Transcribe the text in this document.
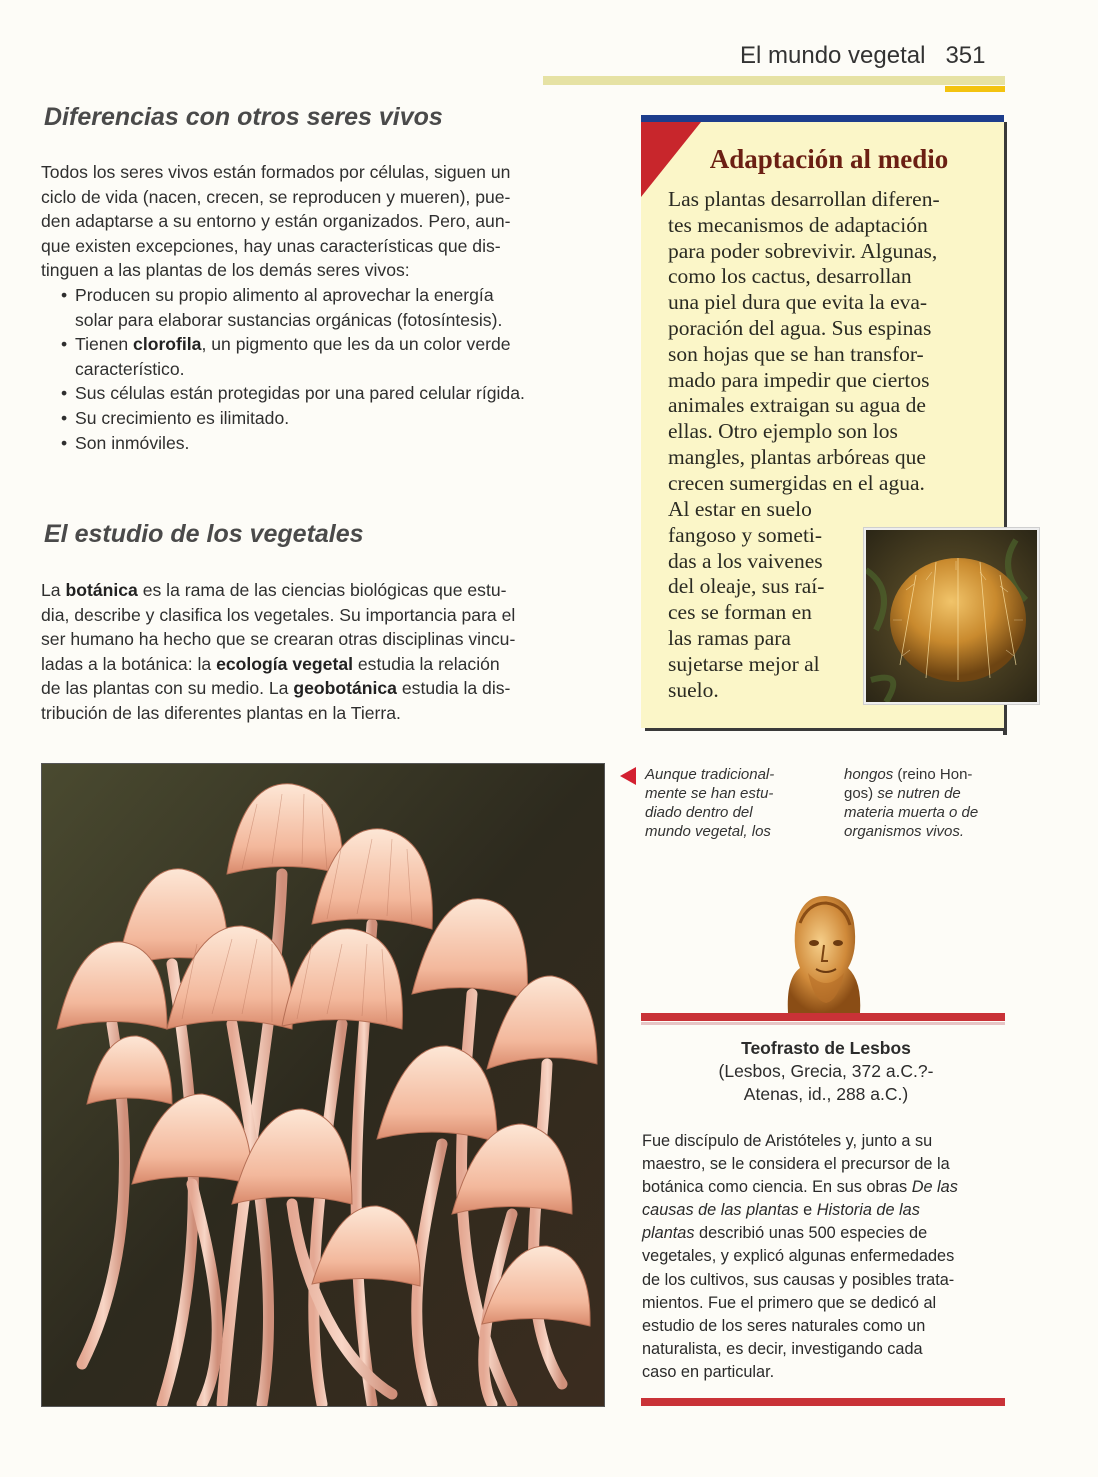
El mundo vegetal 351
Diferencias con otros seres vivos
Todos los seres vivos están formados por células, siguen un
ciclo de vida (nacen, crecen, se reproducen y mueren), pue-
den adaptarse a su entorno y están organizados. Pero, aun-
que existen excepciones, hay unas características que dis-
tinguen a las plantas de los demás seres vivos:
• Producen su propio alimento al aprovechar la energía
solar para elaborar sustancias orgánicas (fotosíntesis).
• Tienen clorofila, un pigmento que les da un color verde
característico.
• Sus células están protegidas por una pared celular rígida.
• Su crecimiento es ilimitado.
• Son inmóviles.
El estudio de los vegetales
La botánica es la rama de las ciencias biológicas que estu-
dia, describe y clasifica los vegetales. Su importancia para el
ser humano ha hecho que se crearan otras disciplinas vincu-
ladas a la botánica: la ecología vegetal estudia la relación
de las plantas con su medio. La geobotánica estudia la dis-
tribución de las diferentes plantas en la Tierra.
Adaptación al medio
Las plantas desarrollan diferen-
tes mecanismos de adaptación
para poder sobrevivir. Algunas,
como los cactus, desarrollan
una piel dura que evita la eva-
poración del agua. Sus espinas
son hojas que se han transfor-
mado para impedir que ciertos
animales extraigan su agua de
ellas. Otro ejemplo son los
mangles, plantas arbóreas que
crecen sumergidas en el agua.
Al estar en suelo
fangoso y someti-
das a los vaivenes
del oleaje, sus raí-
ces se forman en
las ramas para
sujetarse mejor al
suelo.
Aunque tradicional-
mente se han estu-
diado dentro del
mundo vegetal, los
hongos (reino Hon-
gos) se nutren de
materia muerta o de
organismos vivos.
Teofrasto de Lesbos
(Lesbos, Grecia, 372 a.C.?-
Atenas, id., 288 a.C.)
Fue discípulo de Aristóteles y, junto a su
maestro, se le considera el precursor de la
botánica como ciencia. En sus obras De las
causas de las plantas e Historia de las
plantas describió unas 500 especies de
vegetales, y explicó algunas enfermedades
de los cultivos, sus causas y posibles trata-
mientos. Fue el primero que se dedicó al
estudio de los seres naturales como un
naturalista, es decir, investigando cada
caso en particular.
